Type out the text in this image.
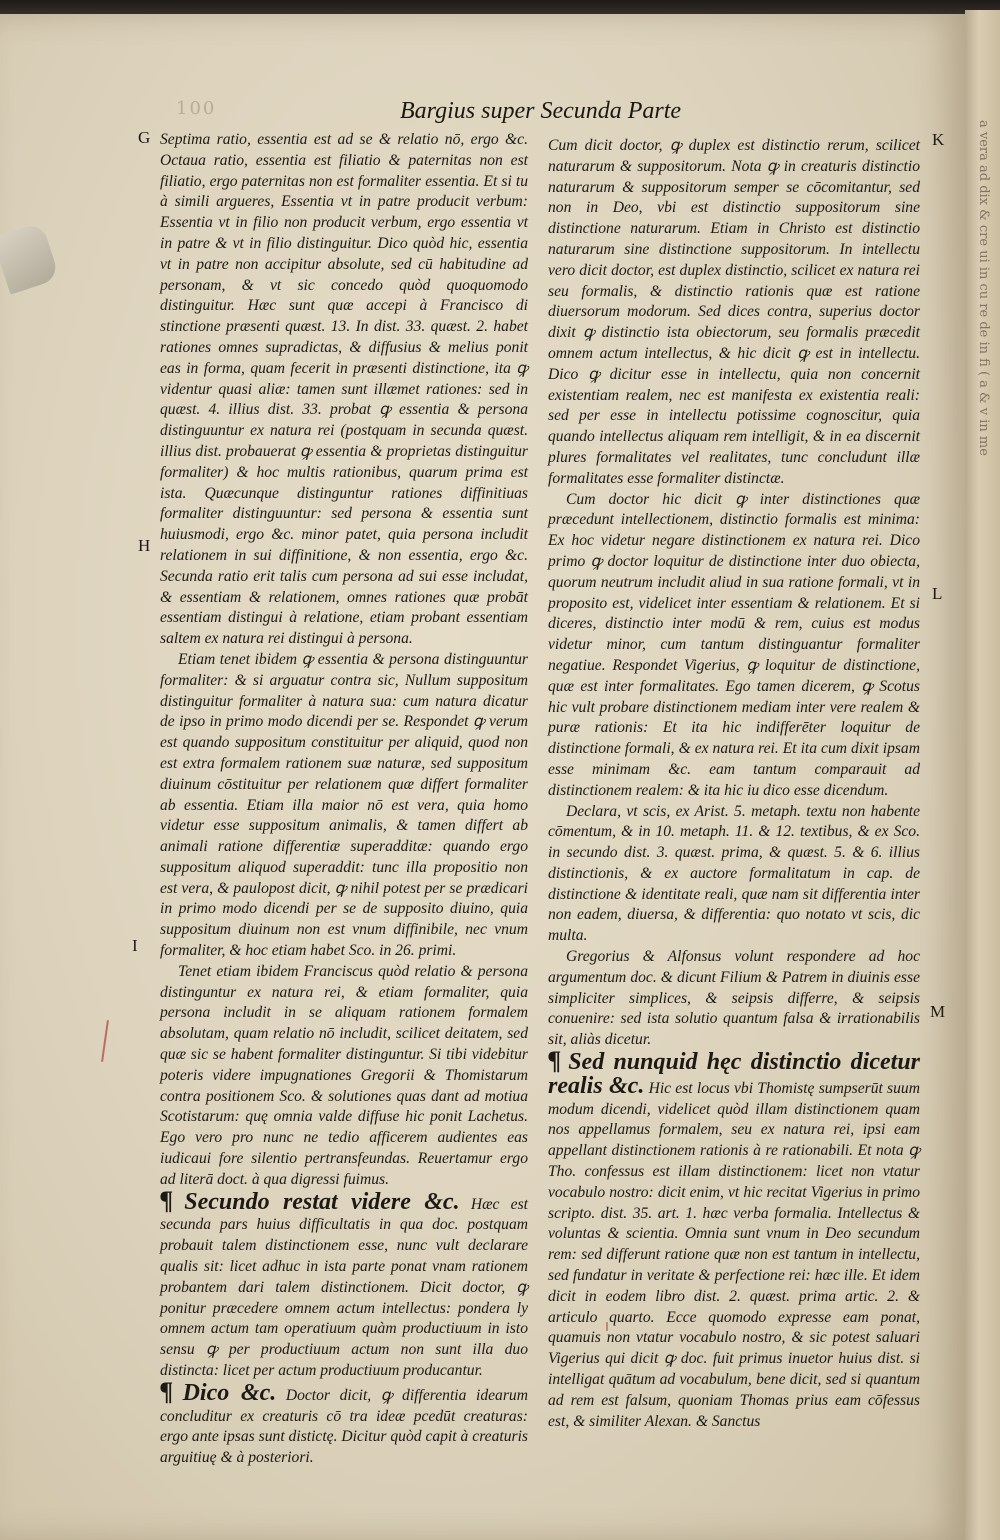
a vera ad dix & cre ui in cu re de in fi ( a & v in me
100	Bargius super Secunda Parte
G
H
I
K
L
M

Septima ratio, essentia est ad se & relatio nō, ergo &c. Octaua ratio, essentia est filiatio & paternitas non est filiatio, ergo paternitas non est formaliter essentia. Et si tu à simili argueres, Essentia vt in patre producit verbum: Essentia vt in filio non producit verbum, ergo essentia vt in patre & vt in filio distinguitur. Dico quòd hic, essentia vt in patre non accipitur absolute, sed cū habitudine ad personam, & vt sic concedo quòd quoquomodo distinguitur. Hæc sunt quæ accepi à Francisco di stinctione præsenti quæst. 13. In dist. 33. quæst. 2. habet rationes omnes supradictas, & diffusius & melius ponit eas in forma, quam fecerit in præsenti distinctione, ita ꝙ videntur quasi aliæ: tamen sunt illæmet rationes: sed in quæst. 4. illius dist. 33. probat ꝙ essentia & persona distinguuntur ex natura rei (postquam in secunda quæst. illius dist. probauerat ꝙ essentia & proprietas distinguitur formaliter) & hoc multis rationibus, quarum prima est ista. Quæcunque distinguntur rationes diffinitiuas formaliter distinguuntur: sed persona & essentia sunt huiusmodi, ergo &c. minor patet, quia persona includit relationem in sui diffinitione, & non essentia, ergo &c. Secunda ratio erit talis cum persona ad sui esse includat, & essentiam & relationem, omnes rationes quæ probāt essentiam distingui à relatione, etiam probant essentiam saltem ex natura rei distingui à persona.

Etiam tenet ibidem ꝙ essentia & persona distinguuntur formaliter: & si arguatur contra sic, Nullum suppositum distinguitur formaliter à natura sua: cum natura dicatur de ipso in primo modo dicendi per se. Respondet ꝙ verum est quando suppositum constituitur per aliquid, quod non est extra formalem rationem suæ naturæ, sed suppositum diuinum cōstituitur per relationem quæ differt formaliter ab essentia. Etiam illa maior nō est vera, quia homo videtur esse suppositum animalis, & tamen differt ab animali ratione differentiæ superadditæ: quando ergo suppositum aliquod superaddit: tunc illa propositio non est vera, & paulopost dicit, ꝙ nihil potest per se prædicari in primo modo dicendi per se de supposito diuino, quia suppositum diuinum non est vnum diffinibile, nec vnum formaliter, & hoc etiam habet Sco. in 26. primi.

Tenet etiam ibidem Franciscus quòd relatio & persona distinguntur ex natura rei, & etiam formaliter, quia persona includit in se aliquam rationem formalem absolutam, quam relatio nō includit, scilicet deitatem, sed quæ sic se habent formaliter distinguntur. Si tibi videbitur poteris videre impugnationes Gregorii & Thomistarum contra positionem Sco. & solutiones quas dant ad motiua Scotistarum: quę omnia valde diffuse hic ponit Lachetus. Ego vero pro nunc ne tedio afficerem audientes eas iudicaui fore silentio pertransfeundas. Reuertamur ergo ad literā doct. à qua digressi fuimus.

¶ Secundo restat videre &c. Hæc est secunda pars huius difficultatis in qua doc. postquam probauit talem distinctionem esse, nunc vult declarare qualis sit: licet adhuc in ista parte ponat vnam rationem probantem dari talem distinctionem. Dicit doctor, ꝙ ponitur præcedere omnem actum intellectus: pondera ly omnem actum tam operatiuum quàm productiuum in isto sensu ꝙ per productiuum actum non sunt illa duo distincta: licet per actum productiuum producantur.

¶ Dico &c. Doctor dicit, ꝙ differentia idearum concluditur ex creaturis cō tra ideæ pcedūt creaturas: ergo ante ipsas sunt distictę. Dicitur quòd capit à creaturis arguitiuę & à posteriori.

Cum dicit doctor, ꝙ duplex est distinctio rerum, scilicet naturarum & suppositorum. Nota ꝙ in creaturis distinctio naturarum & suppositorum semper se cōcomitantur, sed non in Deo, vbi est distinctio suppositorum sine distinctione naturarum. Etiam in Christo est distinctio naturarum sine distinctione suppositorum. In intellectu vero dicit doctor, est duplex distinctio, scilicet ex natura rei seu formalis, & distinctio rationis quæ est ratione diuersorum modorum. Sed dices contra, superius doctor dixit ꝙ distinctio ista obiectorum, seu formalis præcedit omnem actum intellectus, & hic dicit ꝙ est in intellectu. Dico ꝙ dicitur esse in intellectu, quia non concernit existentiam realem, nec est manifesta ex existentia reali: sed per esse in intellectu potissime cognoscitur, quia quando intellectus aliquam rem intelligit, & in ea discernit plures formalitates vel realitates, tunc concludunt illæ formalitates esse formaliter distinctæ.

Cum doctor hic dicit ꝙ inter distinctiones quæ præcedunt intellectionem, distinctio formalis est minima: Ex hoc videtur negare distinctionem ex natura rei. Dico primo ꝙ doctor loquitur de distinctione inter duo obiecta, quorum neutrum includit aliud in sua ratione formali, vt in proposito est, videlicet inter essentiam & relationem. Et si diceres, distinctio inter modū & rem, cuius est modus videtur minor, cum tantum distinguantur formaliter negatiue. Respondet Vigerius, ꝙ loquitur de distinctione, quæ est inter formalitates. Ego tamen dicerem, ꝙ Scotus hic vult probare distinctionem mediam inter vere realem & puræ rationis: Et ita hic indifferēter loquitur de distinctione formali, & ex natura rei. Et ita cum dixit ipsam esse minimam &c. eam tantum comparauit ad distinctionem realem: & ita hic iu dico esse dicendum.

Declara, vt scis, ex Arist. 5. metaph. textu non habente cōmentum, & in 10. metaph. 11. & 12. textibus, & ex Sco. in secundo dist. 3. quæst. prima, & quæst. 5. & 6. illius distinctionis, & ex auctore formalitatum in cap. de distinctione & identitate reali, quæ nam sit differentia inter non eadem, diuersa, & differentia: quo notato vt scis, dic multa.

Gregorius & Alfonsus volunt respondere ad hoc argumentum doc. & dicunt Filium & Patrem in diuinis esse simpliciter simplices, & seipsis differre, & seipsis conuenire: sed ista solutio quantum falsa & irrationabilis sit, aliàs dicetur.

¶ Sed nunquid hęc distinctio dicetur realis &c. Hic est locus vbi Thomistę sumpserūt suum modum dicendi, videlicet quòd illam distinctionem quam nos appellamus formalem, seu ex natura rei, ipsi eam appellant distinctionem rationis à re rationabili. Et nota ꝙ Tho. confessus est illam distinctionem: licet non vtatur vocabulo nostro: dicit enim, vt hic recitat Vigerius in primo scripto. dist. 35. art. 1. hæc verba formalia. Intellectus & voluntas & scientia. Omnia sunt vnum in Deo secundum rem: sed differunt ratione quæ non est tantum in intellectu, sed fundatur in veritate & perfectione rei: hæc ille. Et idem dicit in eodem libro dist. 2. quæst. prima artic. 2. & articulo quarto. Ecce quomodo expresse eam ponat, quamuis non vtatur vocabulo nostro, & sic potest saluari Vigerius qui dicit ꝙ doc. fuit primus inuetor huius dist. si intelligat quātum ad vocabulum, bene dicit, sed si quantum ad rem est falsum, quoniam Thomas prius eam cōfessus est, & similiter Alexan. & Sanctus
